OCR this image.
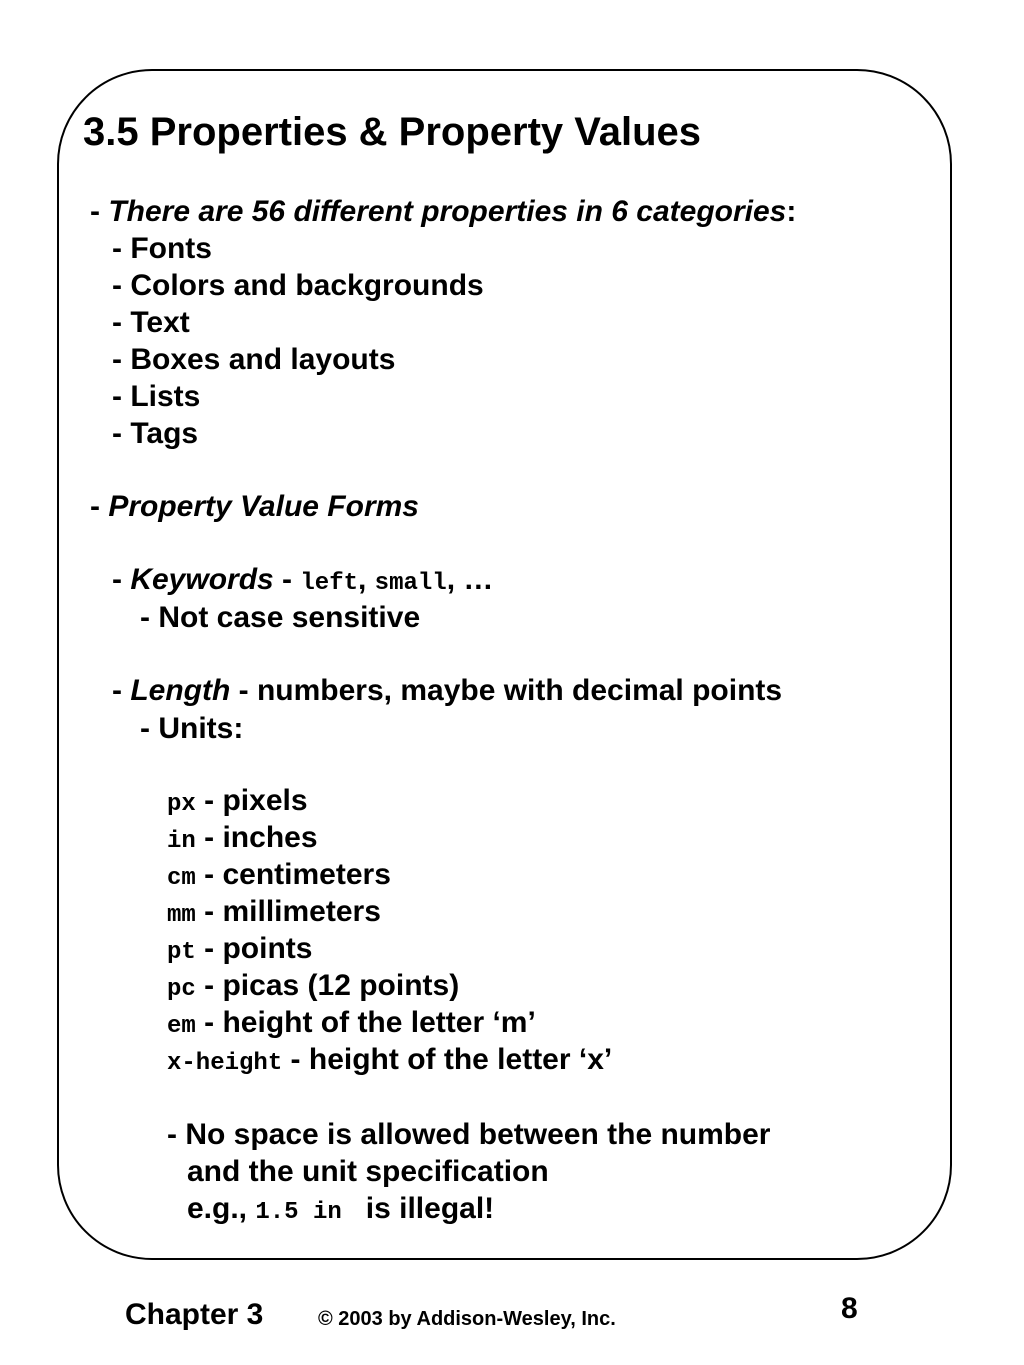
3.5 Properties & Property Values
- There are 56 different properties in 6 categories:
- Fonts
- Colors and backgrounds
- Text
- Boxes and layouts
- Lists
- Tags
- Property Value Forms
- Keywords - left, small, …
- Not case sensitive
- Length - numbers, maybe with decimal points
- Units:
px - pixels
in - inches
cm - centimeters
mm - millimeters
pt - points
pc - picas (12 points)
em - height of the letter ‘m’
x-height - height of the letter ‘x’
- No space is allowed between the number
and the unit specification
e.g., 1.5 in is illegal!
Chapter 3	© 2003 by Addison-Wesley, Inc.	8
